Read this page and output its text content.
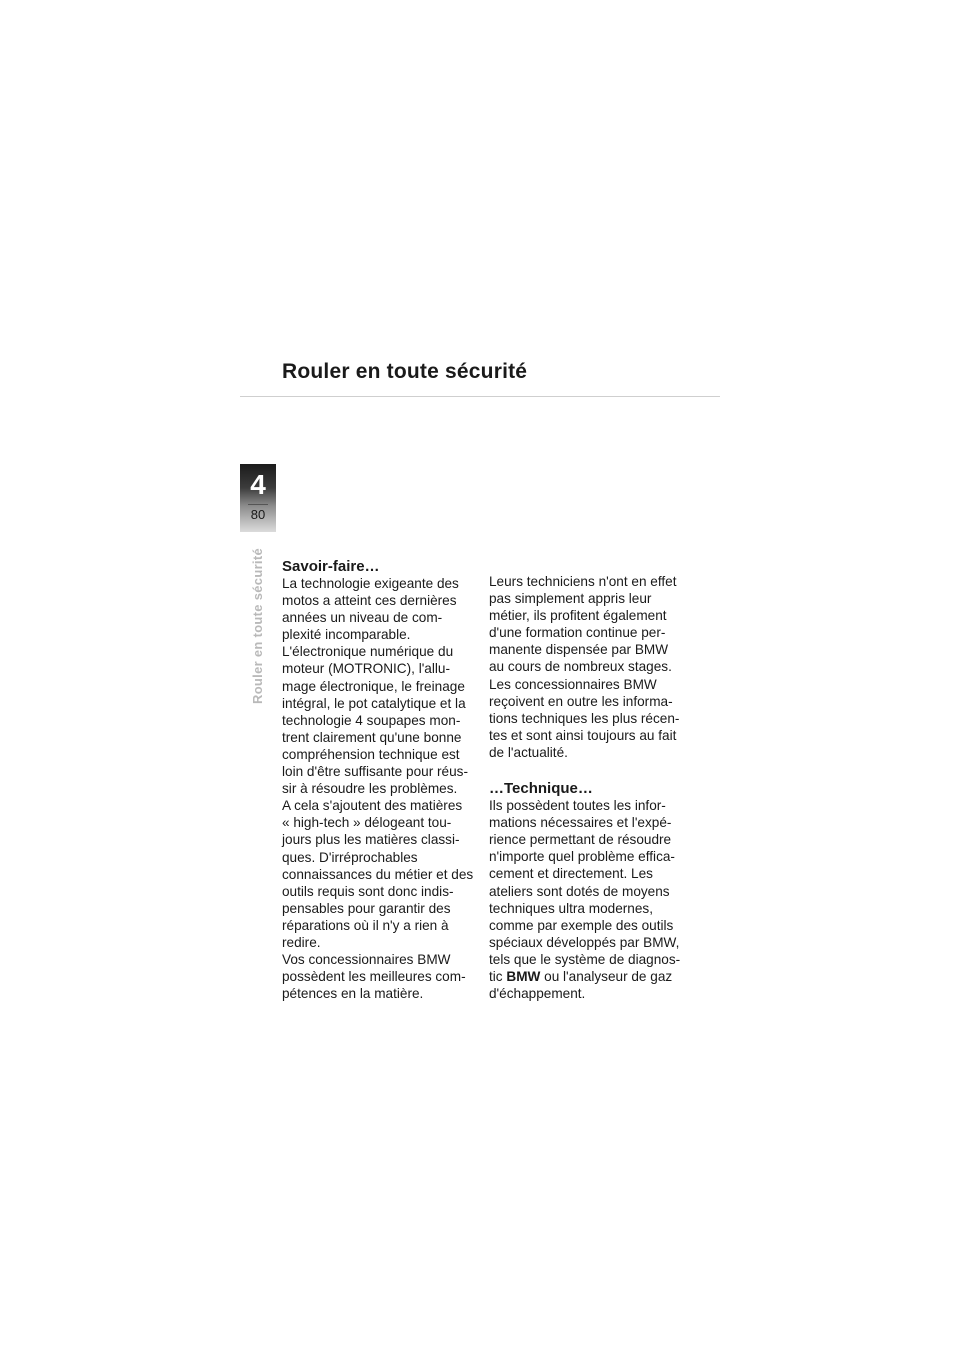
Rouler en toute sécurité
4
80
Rouler en toute sécurité Savoir-faire…
La technologie exigeante des
motos a atteint ces dernières
années un niveau de com-
plexité incomparable.
L'électronique numérique du
moteur (MOTRONIC), l'allu-
mage électronique, le freinage
intégral, le pot catalytique et la
technologie 4 soupapes mon-
trent clairement qu'une bonne
compréhension technique est
loin d'être suffisante pour réus-
sir à résoudre les problèmes.
A cela s'ajoutent des matières
« high-tech » délogeant tou-
jours plus les matières classi-
ques. D'irréprochables
connaissances du métier et des
outils requis sont donc indis-
pensables pour garantir des
réparations où il n'y a rien à
redire.
Vos concessionnaires BMW
possèdent les meilleures com-
pétences en la matière.
Leurs techniciens n'ont en effet
pas simplement appris leur
métier, ils profitent également
d'une formation continue per-
manente dispensée par BMW
au cours de nombreux stages.
Les concessionnaires BMW
reçoivent en outre les informa-
tions techniques les plus récen-
tes et sont ainsi toujours au fait
de l'actualité.
…Technique…
Ils possèdent toutes les infor-
mations nécessaires et l'expé-
rience permettant de résoudre
n'importe quel problème effica-
cement et directement. Les
ateliers sont dotés de moyens
techniques ultra modernes,
comme par exemple des outils
spéciaux développés par BMW,
tels que le système de diagnos-
tic BMW ou l'analyseur de gaz
d'échappement.
